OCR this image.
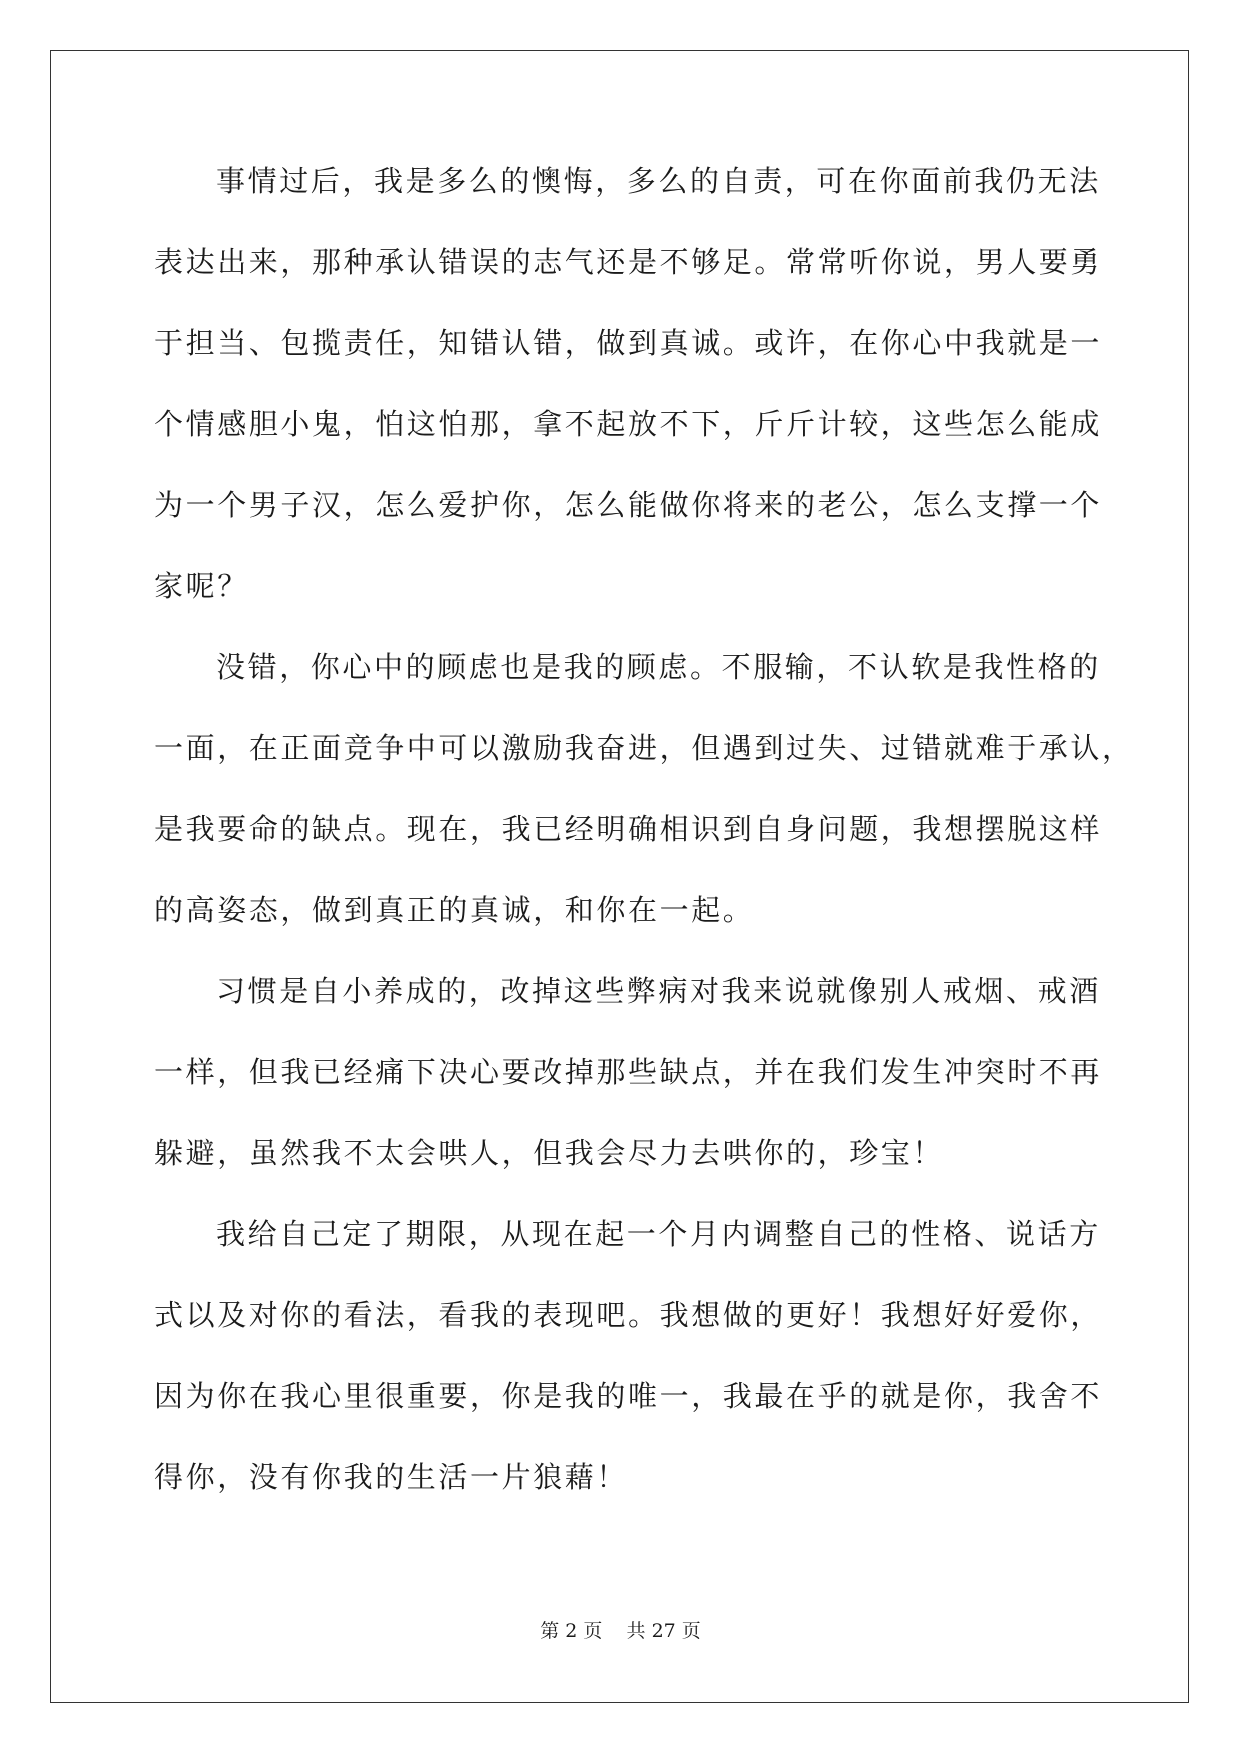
事情过后，我是多么的懊悔，多么的自责，可在你面前我仍无法
表达出来，那种承认错误的志气还是不够足。常常听你说，男人要勇
于担当、包揽责任，知错认错，做到真诚。或许，在你心中我就是一
个情感胆小鬼，怕这怕那，拿不起放不下，斤斤计较，这些怎么能成
为一个男子汉，怎么爱护你，怎么能做你将来的老公，怎么支撑一个
家呢？
没错，你心中的顾虑也是我的顾虑。不服输，不认软是我性格的
一面，在正面竞争中可以激励我奋进，但遇到过失、过错就难于承认，
是我要命的缺点。现在，我已经明确相识到自身问题，我想摆脱这样
的高姿态，做到真正的真诚，和你在一起。
习惯是自小养成的，改掉这些弊病对我来说就像别人戒烟、戒酒
一样，但我已经痛下决心要改掉那些缺点，并在我们发生冲突时不再
躲避，虽然我不太会哄人，但我会尽力去哄你的，珍宝！
我给自己定了期限，从现在起一个月内调整自己的性格、说话方
式以及对你的看法，看我的表现吧。我想做的更好！我想好好爱你，
因为你在我心里很重要，你是我的唯一，我最在乎的就是你，我舍不
得你，没有你我的生活一片狼藉！
第 2 页 共 27 页
